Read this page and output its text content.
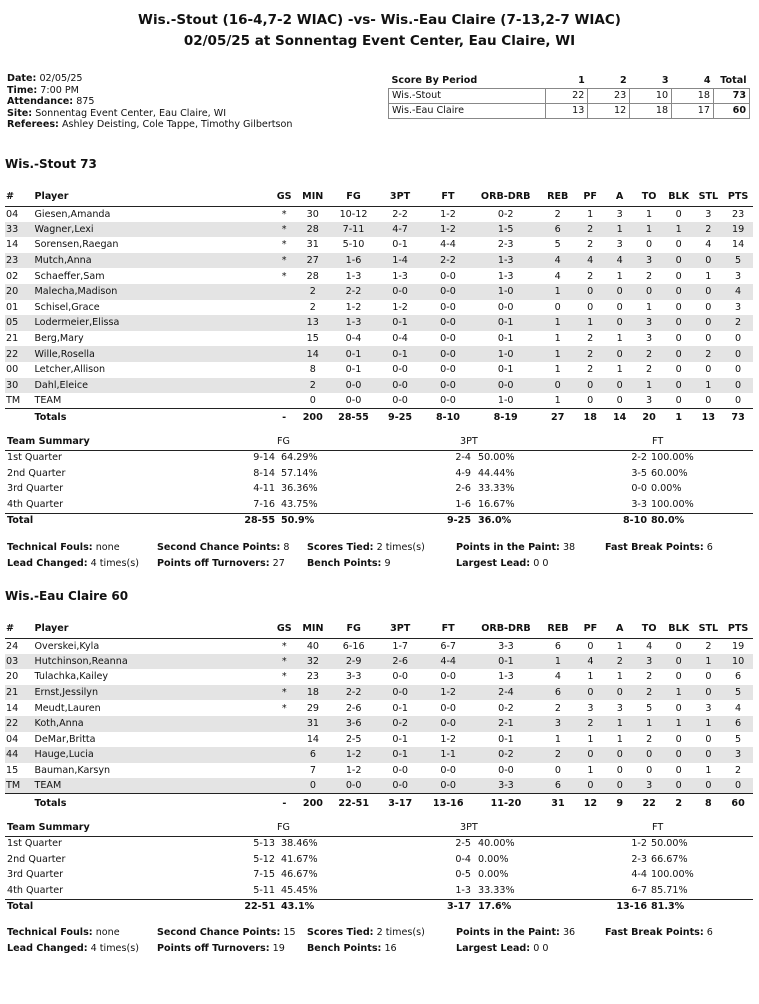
Wis.-Stout (16-4,7-2 WIAC) -vs- Wis.-Eau Claire (7-13,2-7 WIAC)
02/05/25 at Sonnentag Event Center, Eau Claire, WI
Date: 02/05/25
Time: 7:00 PM
Attendance: 875
Site: Sonnentag Event Center, Eau Claire, WI
Referees: Ashley Deisting, Cole Tappe, Timothy Gilbertson
Score By Period	1	2	3	4	Total
Wis.-Stout	22	23	10	18	73
Wis.-Eau Claire	13	12	18	17	60
Wis.-Stout 73
#	Player	GS	MIN	FG	3PT	FT	ORB-DRB	REB	PF	A	TO	BLK	STL	PTS
04	Giesen,Amanda	*	30	10-12	2-2	1-2	0-2	2	1	3	1	0	3	23
33	Wagner,Lexi	*	28	7-11	4-7	1-2	1-5	6	2	1	1	1	2	19
14	Sorensen,Raegan	*	31	5-10	0-1	4-4	2-3	5	2	3	0	0	4	14
23	Mutch,Anna	*	27	1-6	1-4	2-2	1-3	4	4	4	3	0	0	5
02	Schaeffer,Sam	*	28	1-3	1-3	0-0	1-3	4	2	1	2	0	1	3
20	Malecha,Madison		2	2-2	0-0	0-0	1-0	1	0	0	0	0	0	4
01	Schisel,Grace		2	1-2	1-2	0-0	0-0	0	0	0	1	0	0	3
05	Lodermeier,Elissa		13	1-3	0-1	0-0	0-1	1	1	0	3	0	0	2
21	Berg,Mary		15	0-4	0-4	0-0	0-1	1	2	1	3	0	0	0
22	Wille,Rosella		14	0-1	0-1	0-0	1-0	1	2	0	2	0	2	0
00	Letcher,Allison		8	0-1	0-0	0-0	0-1	1	2	1	2	0	0	0
30	Dahl,Eleice		2	0-0	0-0	0-0	0-0	0	0	0	1	0	1	0
TM	TEAM		0	0-0	0-0	0-0	1-0	1	0	0	3	0	0	0
	Totals	-	200	28-55	9-25	8-10	8-19	27	18	14	20	1	13	73
Team Summary	FG	3PT	FT
1st Quarter	9-14 64.29%	2-4 50.00%	2-2 100.00%
2nd Quarter	8-14 57.14%	4-9 44.44%	3-5 60.00%
3rd Quarter	4-11 36.36%	2-6 33.33%	0-0 0.00%
4th Quarter	7-16 43.75%	1-6 16.67%	3-3 100.00%
Total	28-55 50.9%	9-25 36.0%	8-10 80.0%
Technical Fouls: none	Second Chance Points: 8 Scores Tied: 2 times(s)	Points in the Paint: 38	Fast Break Points: 6
Lead Changed: 4 times(s) Points off Turnovers: 27 Bench Points: 9	Largest Lead: 0 0
Wis.-Eau Claire 60
#	Player	GS	MIN	FG	3PT	FT	ORB-DRB	REB	PF	A	TO	BLK	STL	PTS
24	Overskei,Kyla	*	40	6-16	1-7	6-7	3-3	6	0	1	4	0	2	19
03	Hutchinson,Reanna	*	32	2-9	2-6	4-4	0-1	1	4	2	3	0	1	10
20	Tulachka,Kailey	*	23	3-3	0-0	0-0	1-3	4	1	1	2	0	0	6
21	Ernst,Jessilyn	*	18	2-2	0-0	1-2	2-4	6	0	0	2	1	0	5
14	Meudt,Lauren	*	29	2-6	0-1	0-0	0-2	2	3	3	5	0	3	4
22	Koth,Anna		31	3-6	0-2	0-0	2-1	3	2	1	1	1	1	6
04	DeMar,Britta		14	2-5	0-1	1-2	0-1	1	1	1	2	0	0	5
44	Hauge,Lucia		6	1-2	0-1	1-1	0-2	2	0	0	0	0	0	3
15	Bauman,Karsyn		7	1-2	0-0	0-0	0-0	0	1	0	0	0	1	2
TM	TEAM		0	0-0	0-0	0-0	3-3	6	0	0	3	0	0	0
	Totals	-	200	22-51	3-17	13-16	11-20	31	12	9	22	2	8	60
Team Summary	FG	3PT	FT
1st Quarter	5-13 38.46%	2-5 40.00%	1-2 50.00%
2nd Quarter	5-12 41.67%	0-4 0.00%	2-3 66.67%
3rd Quarter	7-15 46.67%	0-5 0.00%	4-4 100.00%
4th Quarter	5-11 45.45%	1-3 33.33%	6-7 85.71%
Total	22-51 43.1%	3-17 17.6%	13-16 81.3%
Technical Fouls: none	Second Chance Points: 15 Scores Tied: 2 times(s)	Points in the Paint: 36	Fast Break Points: 6
Lead Changed: 4 times(s) Points off Turnovers: 19 Bench Points: 16	Largest Lead: 0 0
